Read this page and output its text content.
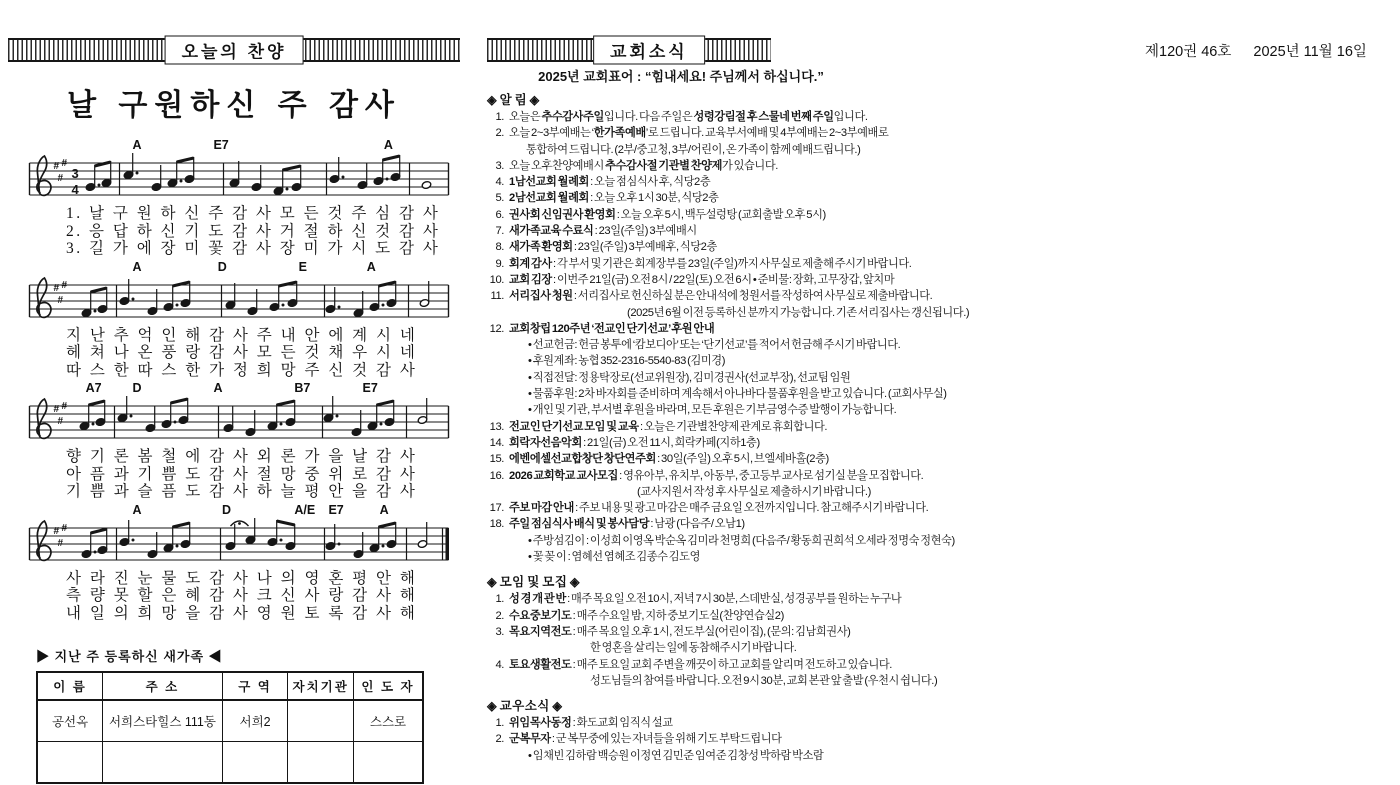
오늘의 찬양	교회소식	제120권 46호 2025년 11월 16일
2025년 교회표어 : “힘내세요! 주님께서 하십니다.”
날 구원하신 주 감사
A	E7	A
#
#
#
3
4
1. 날 구 원 하 신 주 감 사 모 든 것 주 심 감 사
2. 응 답 하 신 기 도 감 사 거 절 하 신 것 감 사
3. 길 가 에 장 미 꽃 감 사 장 미 가 시 도 감 사
A	D	E	A
#
#
#
지 난 추 억 인 해 감 사 주 내 안 에 계 시 네
헤 쳐 나 온 풍 랑 감 사 모 든 것 채 우 시 네
따 스 한 따 스 한 가 정 희 망 주 신 것 감 사
A7 D	A	B7	E7
#
#
#
향 기 론 봄 철 에 감 사 외 론 가 을 날 감 사
아 픔 과 기 쁨 도 감 사 절 망 중 위 로 감 사
기 쁨 과 슬 픔 도 감 사 하 늘 평 안 을 감 사
A	D	A/E E7	A
#
#
#
사 라 진 눈 물 도 감 사 나 의 영 혼 평 안 해
측 량 못 할 은 혜 감 사 크 신 사 랑 감 사 해
내 일 의 희 망 을 감 사 영 원 토 록 감 사 해
▶ 지난 주 등록하신 새가족 ◀
이 름	주 소	구 역	자치기관	인 도 자
공선옥	서희스타힐스 111동	서희2		스스로

◈ 알 림 ◈
1. 오늘은 추수감사주일입니다. 다음 주일은 성령강림절 후 스물네 번째 주일입니다.
2. 오늘 2~3부예배는 ‘한가족예배’로 드립니다. 교육부서예배 및 4부예배는 2~3부예배로
통합하여 드립니다. (2부/중고청, 3부/어린이, 온 가족이 함께 예배드립니다.)
3. 오늘 오후찬양예배시 추수감사절 기관별 찬양제가 있습니다.
4. 1남선교회 월례회 : 오늘 점심식사 후, 식당2층
5. 2남선교회 월례회 : 오늘 오후 1시 30분, 식당2층
6. 권사회 신임권사 환영회 : 오늘 오후 5시, 백두설렁탕 (교회출발 오후 5시)
7. 새가족교육 수료식 : 23일(주일) 3부예배시
8. 새가족 환영회 : 23일(주일) 3부예배후, 식당2층
9. 회계 감사 : 각 부서 및 기관은 회계장부를 23일(주일)까지 사무실로 제출해 주시기 바랍니다.
10. 교회 김장 : 이번주 21일(금) 오전 8시 / 22일(토) 오전 6시 • 준비물: 장화, 고무장갑, 앞치마
11. 서리집사 청원 : 서리집사로 헌신하실 분은 안내석에 청원서를 작성하여 사무실로 제출바랍니다.
(2025년 6월 이전 등록하신 분까지 가능합니다. 기존 서리집사는 갱신됩니다.)
12. 교회창립 120주년 ‘전교인 단기선교’ 후원 안내
• 선교헌금: 헌금 봉투에 ‘캄보디아’ 또는 ‘단기선교’를 적어서 헌금해 주시기 바랍니다.
• 후원계좌: 농협 352-2316-5540-83 (김미경)
• 직접전달: 정용탁장로(선교위원장), 김미경권사(선교부장), 선교팀 임원
• 물품후원: 2차 바자회를 준비하며 계속해서 아나바다 물품후원을 받고 있습니다. (교회사무실)
• 개인 및 기관, 부서별 후원을 바라며, 모든 후원은 기부금영수증 발행이 가능합니다.
13. 전교인 단기선교 모임 및 교육 : 오늘은 기관별찬양제 관계로 휴회합니다.
14. 희락자선음악회 : 21일(금) 오전 11시, 희락카페(지하1층)
15. 에벤에셀선교합창단 창단연주회 : 30일(주일) 오후 5시, 브엘세바홀(2층)
16. 2026 교회학교 교사모집 : 영유아부, 유치부, 아동부, 중고등부 교사로 섬기실 분을 모집합니다.
(교사지원서 작성 후 사무실로 제출하시기 바랍니다.)
17. 주보 마감 안내 : 주보 내용 및 광고 마감은 매주 금요일 오전까지입니다. 참고해주시기 바랍니다.
18. 주일 점심식사 배식 및 봉사담당 : 남광 (다음주/ 오남1)
• 주방섬김이 : 이성희 이영옥 박순옥 김미라 천명희 (다음주/ 황동희 권희석 오세라 정명숙 정현숙)
• 꽃 꽂 이 : 염혜선 염혜조 김종수 김도영
◈ 모임 및 모집 ◈
1. 성 경 개 관 반 : 매주 목요일 오전 10시, 저녁 7시 30분, 스데반실, 성경공부를 원하는 누구나
2. 수요중보기도 : 매주 수요일 밤, 지하 중보기도실(찬양연습실2)
3. 목요지역전도 : 매주 목요일 오후 1시, 전도부실(어린이집), (문의: 김남희권사)
한 영혼을 살리는 일에 동참해주시기 바랍니다.
4. 토요생활전도 : 매주 토요일 교회 주변을 깨끗이 하고 교회를 알리며 전도하고 있습니다.
성도님들의 참여를 바랍니다. 오전 9시 30분, 교회 본관 앞 출발 (우천시 쉽니다.)
◈ 교우소식 ◈
1. 위임목사동정 : 화도교회 임직식 설교
2. 군복무자 : 군 복무중에 있는 자녀들을 위해 기도 부탁드립니다
• 임채빈 김하람 백승원 이정연 김민준 임여준 김창성 박하람 박소람
